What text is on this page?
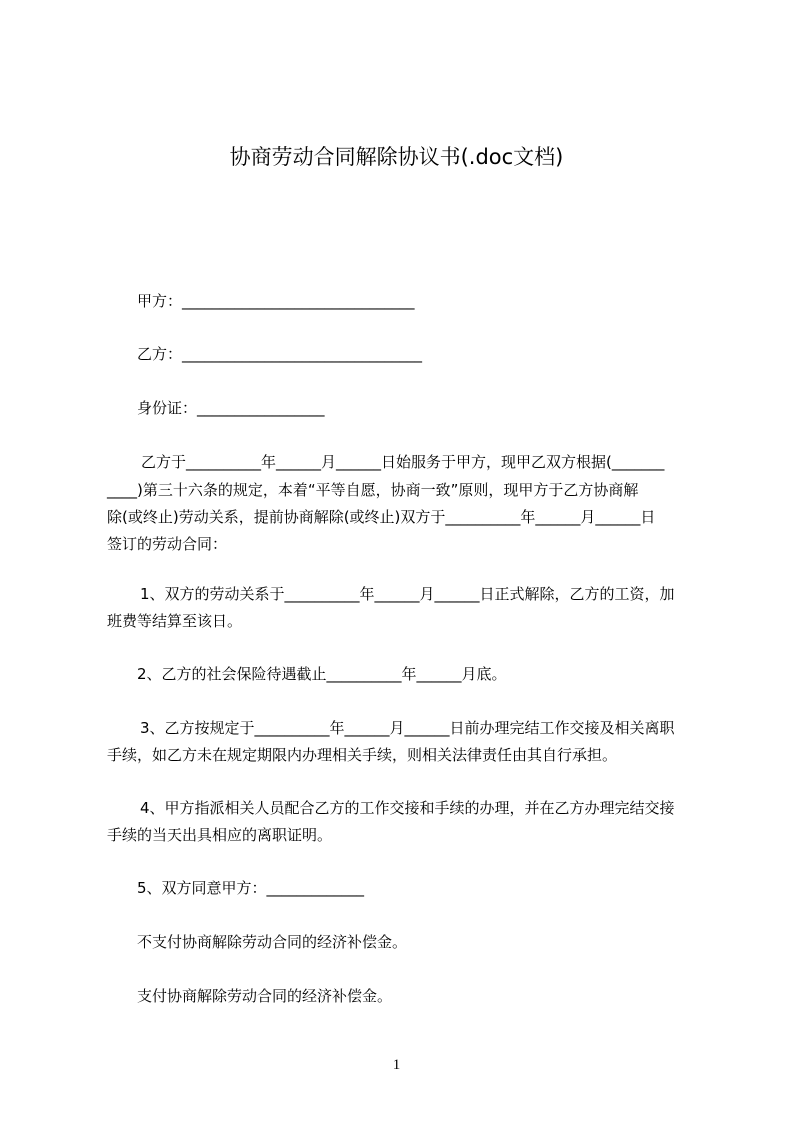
协商劳动合同解除协议书(.doc文档)
甲方：_______________________________
乙方：________________________________
身份证：_________________
乙方于__________年______月______日始服务于甲方，现甲乙双方根据(_______
____)第三十六条的规定，本着“平等自愿，协商一致”原则，现甲方于乙方协商解
除(或终止)劳动关系，提前协商解除(或终止)双方于__________年______月______日
签订的劳动合同：
1、双方的劳动关系于__________年______月______日正式解除，乙方的工资，加
班费等结算至该日。
2、乙方的社会保险待遇截止__________年______月底。
3、乙方按规定于__________年______月______日前办理完结工作交接及相关离职
手续，如乙方未在规定期限内办理相关手续，则相关法律责任由其自行承担。
4、甲方指派相关人员配合乙方的工作交接和手续的办理，并在乙方办理完结交接
手续的当天出具相应的离职证明。
5、双方同意甲方：_____________
不支付协商解除劳动合同的经济补偿金。
支付协商解除劳动合同的经济补偿金。
1
